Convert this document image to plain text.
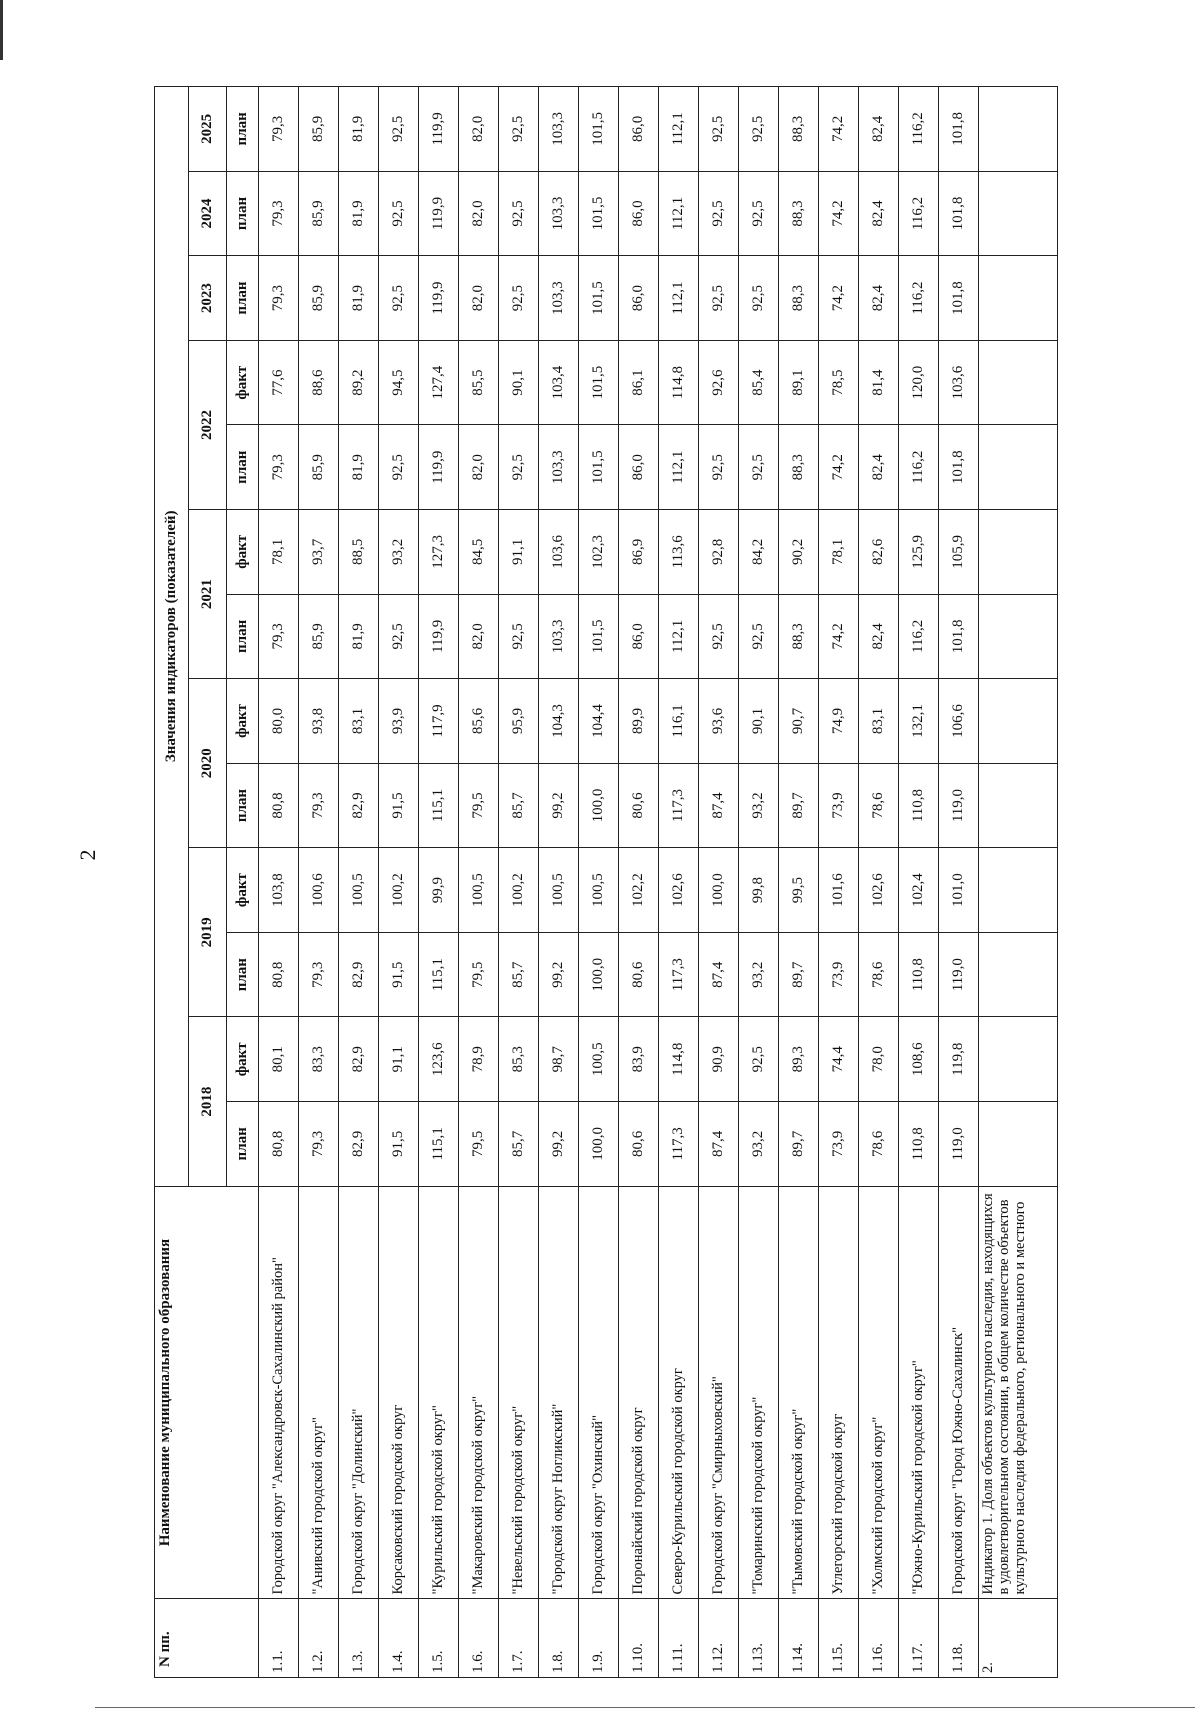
2
N пп.	Наименование муниципального образования	Значения индикаторов (показателей)												
		2018		2019		2020		2021		2022		2023	2024	2025
		план	факт	план	факт	план	факт	план	факт	план	факт	план	план	план
1.1.	Городской округ "Александровск-Сахалинский район"	80,8	80,1	80,8	103,8	80,8	80,0	79,3	78,1	79,3	77,6	79,3	79,3	79,3
1.2.	"Анивский городской округ"	79,3	83,3	79,3	100,6	79,3	93,8	85,9	93,7	85,9	88,6	85,9	85,9	85,9
1.3.	Городской округ "Долинский"	82,9	82,9	82,9	100,5	82,9	83,1	81,9	88,5	81,9	89,2	81,9	81,9	81,9
1.4.	Корсаковский городской округ	91,5	91,1	91,5	100,2	91,5	93,9	92,5	93,2	92,5	94,5	92,5	92,5	92,5
1.5.	"Курильский городской округ"	115,1	123,6	115,1	99,9	115,1	117,9	119,9	127,3	119,9	127,4	119,9	119,9	119,9
1.6.	"Макаровский городской округ"	79,5	78,9	79,5	100,5	79,5	85,6	82,0	84,5	82,0	85,5	82,0	82,0	82,0
1.7.	"Невельский городской округ"	85,7	85,3	85,7	100,2	85,7	95,9	92,5	91,1	92,5	90,1	92,5	92,5	92,5
1.8.	"Городской округ Ногликский"	99,2	98,7	99,2	100,5	99,2	104,3	103,3	103,6	103,3	103,4	103,3	103,3	103,3
1.9.	Городской округ "Охинский"	100,0	100,5	100,0	100,5	100,0	104,4	101,5	102,3	101,5	101,5	101,5	101,5	101,5
1.10.	Поронайский городской округ	80,6	83,9	80,6	102,2	80,6	89,9	86,0	86,9	86,0	86,1	86,0	86,0	86,0
1.11.	Северо-Курильский городской округ	117,3	114,8	117,3	102,6	117,3	116,1	112,1	113,6	112,1	114,8	112,1	112,1	112,1
1.12.	Городской округ "Смирныховский"	87,4	90,9	87,4	100,0	87,4	93,6	92,5	92,8	92,5	92,6	92,5	92,5	92,5
1.13.	"Томаринский городской округ"	93,2	92,5	93,2	99,8	93,2	90,1	92,5	84,2	92,5	85,4	92,5	92,5	92,5
1.14.	"Тымовский городской округ"	89,7	89,3	89,7	99,5	89,7	90,7	88,3	90,2	88,3	89,1	88,3	88,3	88,3
1.15.	Углегорский городской округ	73,9	74,4	73,9	101,6	73,9	74,9	74,2	78,1	74,2	78,5	74,2	74,2	74,2
1.16.	"Холмский городской округ"	78,6	78,0	78,6	102,6	78,6	83,1	82,4	82,6	82,4	81,4	82,4	82,4	82,4
1.17.	"Южно-Курильский городской округ"	110,8	108,6	110,8	102,4	110,8	132,1	116,2	125,9	116,2	120,0	116,2	116,2	116,2
1.18.	Городской округ "Город Южно-Сахалинск"	119,0	119,8	119,0	101,0	119,0	106,6	101,8	105,9	101,8	103,6	101,8	101,8	101,8
2.	Индикатор 1. Доля объектов культурного наследия, находящихся в удовлетворительном состоянии, в общем количестве объектов культурного наследия федерального, регионального и местного													
